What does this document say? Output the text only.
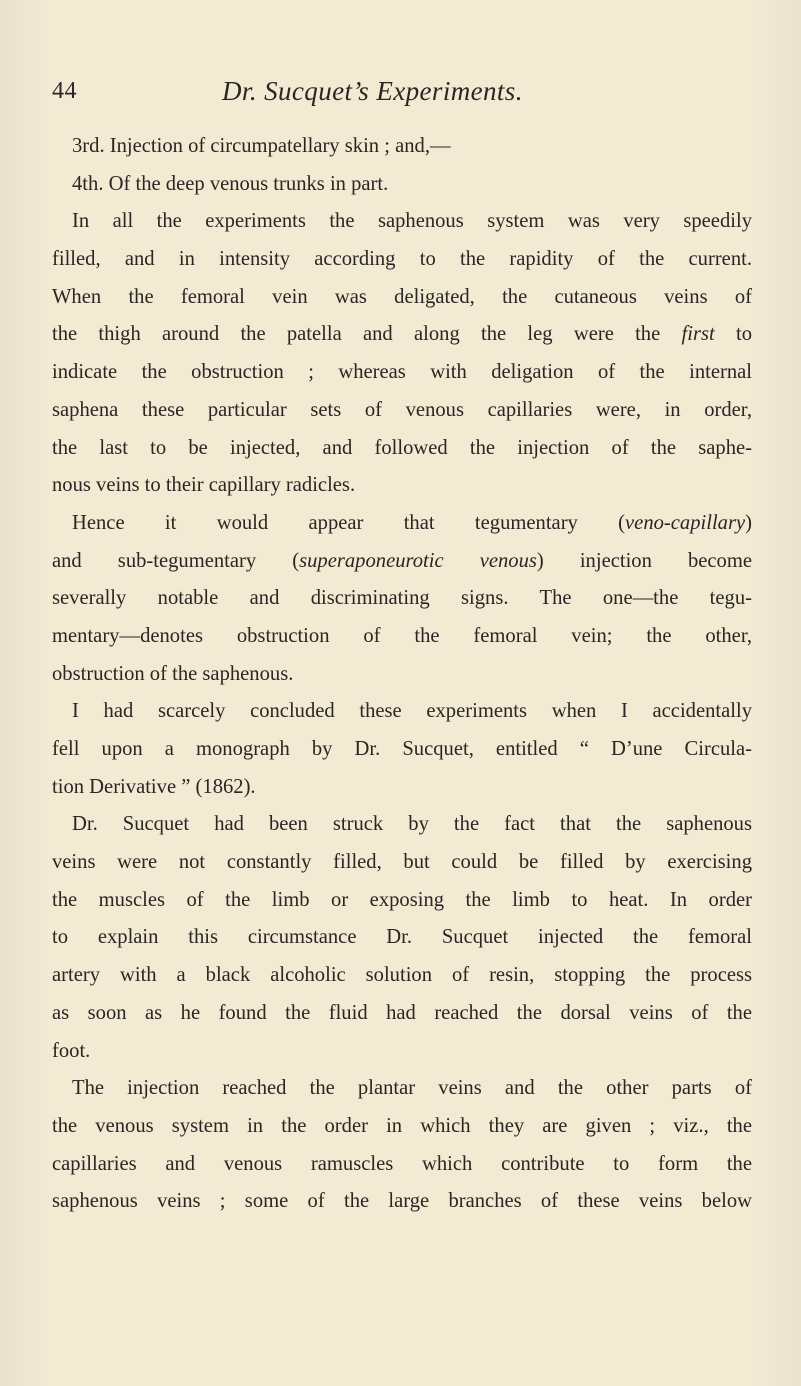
44	Dr. Sucquet’s Experiments.
3rd. Injection of circumpatellary skin ; and,—
4th. Of the deep venous trunks in part.
In all the experiments the saphenous system was very speedily
filled, and in intensity according to the rapidity of the current.
When the femoral vein was deligated, the cutaneous veins of
the thigh around the patella and along the leg were the first to
indicate the obstruction ; whereas with deligation of the internal
saphena these particular sets of venous capillaries were, in order,
the last to be injected, and followed the injection of the saphe-
nous veins to their capillary radicles.
Hence it would appear that tegumentary (veno-capillary)
and sub-tegumentary (superaponeurotic venous) injection become
severally notable and discriminating signs. The one—the tegu-
mentary—denotes obstruction of the femoral vein; the other,
obstruction of the saphenous.
I had scarcely concluded these experiments when I accidentally
fell upon a monograph by Dr. Sucquet, entitled “ D’une Circula-
tion Derivative ” (1862).
Dr. Sucquet had been struck by the fact that the saphenous
veins were not constantly filled, but could be filled by exercising
the muscles of the limb or exposing the limb to heat. In order
to explain this circumstance Dr. Sucquet injected the femoral
artery with a black alcoholic solution of resin, stopping the process
as soon as he found the fluid had reached the dorsal veins of the
foot.
The injection reached the plantar veins and the other parts of
the venous system in the order in which they are given ; viz., the
capillaries and venous ramuscles which contribute to form the
saphenous veins ; some of the large branches of these veins below
